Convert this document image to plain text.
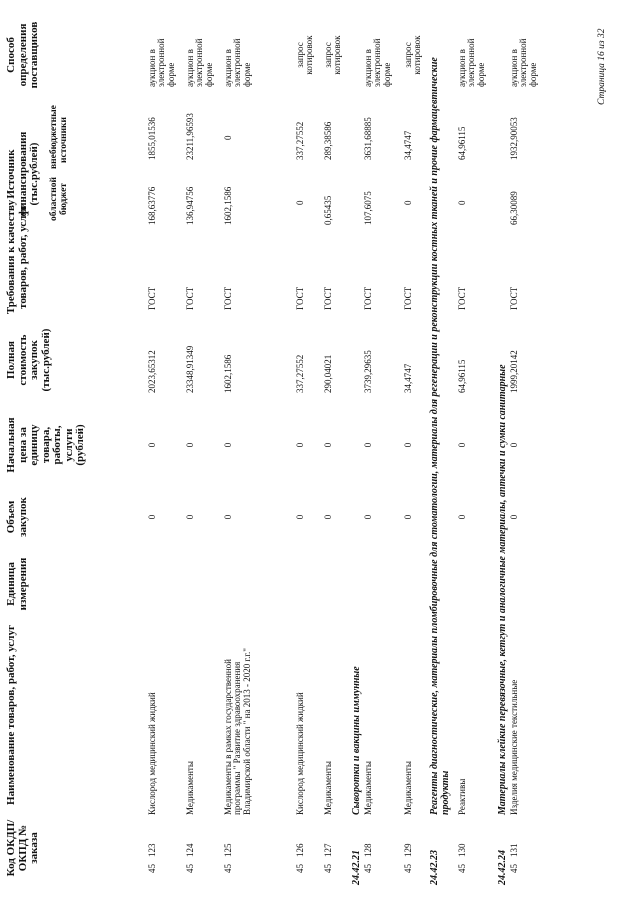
Код ОКДП/ ОКПД № заказа
Наименование товаров, работ, услуг
Единица измерения
Объем закупок
Начальная цена за единицу товара, работы, услуги (рублей)
Полная стоимость закупок (тыс.рублей)
Требования к качеству товаров, работ, услуг
Источник финансирования (тыс.рублей) областной бюджет
внебюджетные источники
Способ определения поставщиков
45
123
Кислород медицинский жидкий
0
0
2023,65312
ГОСТ
168,63776
1855,01536
аукцион в электронной форме
45
124
Медикаменты
0
0
23348,91349
ГОСТ
136,94756
23211,96593
аукцион в электронной форме
45
125
Медикаменты в рамках государственной программы " Развитие здравоохранения Владимирской области " на 2013 - 2020 г.г."
0
0
1602,1586
ГОСТ
1602,1586
0
аукцион в электронной форме
45
126
Кислород медицинский жидкий
0
0
337,27552
ГОСТ
0
337,27552
запрос котировок
45
127
Медикаменты
0
0
290,04021
ГОСТ
0,65435
289,38586
запрос котировок
24.42.21
Сыворотки и вакцины иммунные
45
128
Медикаменты
0
0
3739,29635
ГОСТ
107,6075
3631,68885
аукцион в электронной форме
45
129
Медикаменты
0
0
34,4747
ГОСТ
0
34,4747
запрос котировок
24.42.23
Реагенты диагностические, материалы пломбировочные для стоматологии, материалы для регенерации и реконструкции костных тканей и прочие фармацевтические продукты
45
130
Реактивы
0
0
64,96115
ГОСТ
0
64,96115
аукцион в электронной форме
24.42.24
Материалы клейкие перевязочные, кетгут и аналогичные материалы, аптечки и сумки санитарные
45
131
Изделия медицинские текстильные
0
0
1999,20142
ГОСТ
66,30089
1932,90053
аукцион в электронной форме	Страница 16 из 32
